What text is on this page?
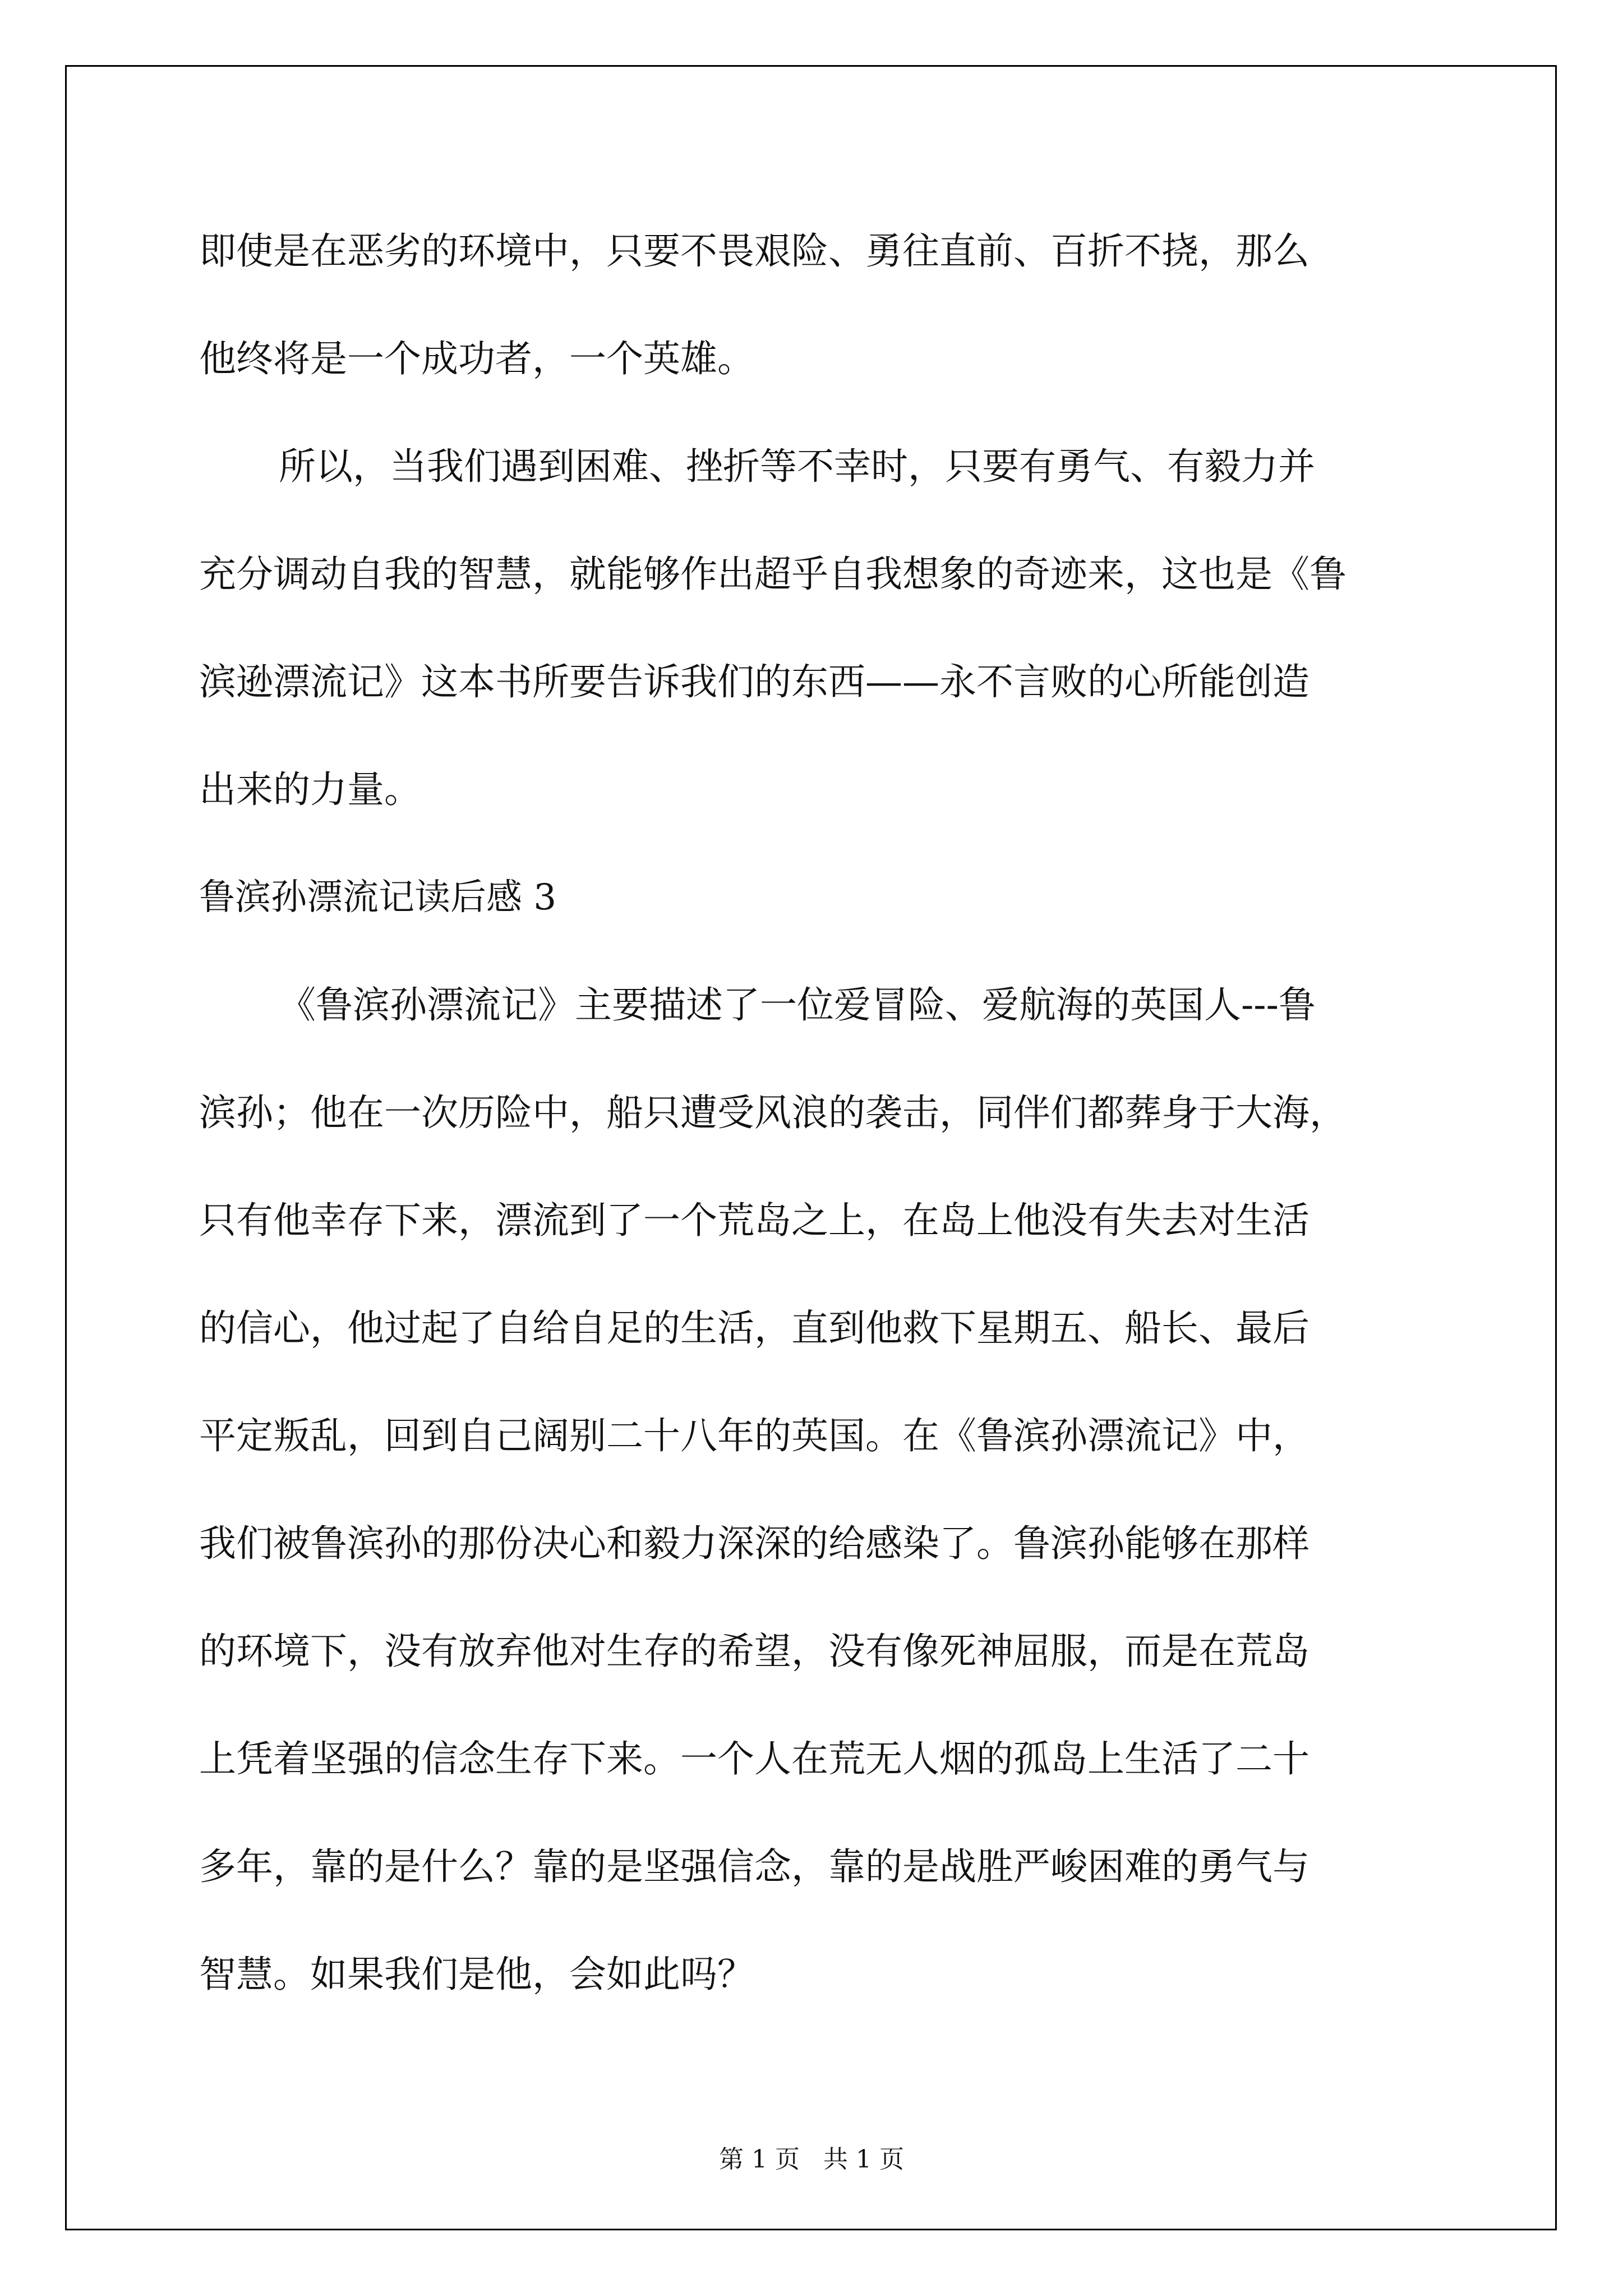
即使是在恶劣的环境中，只要不畏艰险、勇往直前、百折不挠，那么

他终将是一个成功者，一个英雄。

所以，当我们遇到困难、挫折等不幸时，只要有勇气、有毅力并

充分调动自我的智慧，就能够作出超乎自我想象的奇迹来，这也是《鲁

滨逊漂流记》这本书所要告诉我们的东西——永不言败的心所能创造

出来的力量。

鲁滨孙漂流记读后感 3

《鲁滨孙漂流记》主要描述了一位爱冒险、爱航海的英国人---鲁

滨孙；他在一次历险中，船只遭受风浪的袭击，同伴们都葬身于大海，

只有他幸存下来，漂流到了一个荒岛之上，在岛上他没有失去对生活

的信心，他过起了自给自足的生活，直到他救下星期五、船长、最后

平定叛乱，回到自己阔别二十八年的英国。在《鲁滨孙漂流记》中，

我们被鲁滨孙的那份决心和毅力深深的给感染了。鲁滨孙能够在那样

的环境下，没有放弃他对生存的希望，没有像死神屈服，而是在荒岛

上凭着坚强的信念生存下来。一个人在荒无人烟的孤岛上生活了二十

多年，靠的是什么？靠的是坚强信念，靠的是战胜严峻困难的勇气与

智慧。如果我们是他，会如此吗？

第 1 页 共 1 页
